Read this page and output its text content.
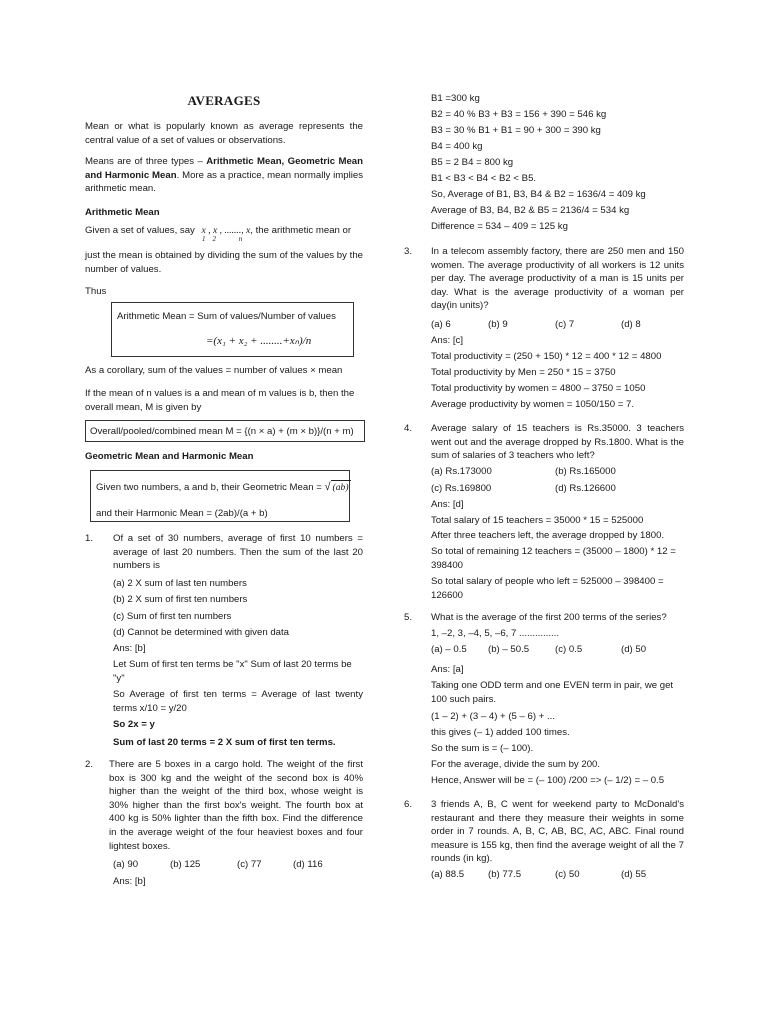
AVERAGES

Mean or what is popularly known as average represents the central value of a set of values or observations.

Means are of three types – Arithmetic Mean, Geometric Mean and Harmonic Mean. More as a practice, mean normally implies arithmetic mean.

Arithmetic Mean
Given a set of values, say x , x , ......., x, the arithmetic mean or
1    2             n

just the mean is obtained by dividing the sum of the values by the number of values.

Thus
Arithmetic Mean = Sum of values/Number of values
=(x₁ + x₂ + ........+xₙ)/n

As a corollary, sum of the values = number of values × mean

If the mean of n values is a and mean of m values is b, then the overall mean, M is given by

Overall/pooled/combined mean M = {(n × a) + (m × b)}/(n + m)
Geometric Mean and Harmonic Mean
Given two numbers, a and b, their Geometric Mean = √ (ab)
and their Harmonic Mean = (2ab)/(a + b)
1. Of a set of 30 numbers, average of first 10 numbers = average of last 20 numbers. Then the sum of the last 20 numbers is

(a) 2 X sum of last ten numbers
(b) 2 X sum of first ten numbers
(c) Sum of first ten numbers
(d) Cannot be determined with given data
Ans: [b]

Let Sum of first ten terms be "x" Sum of last 20 terms be "y"

So Average of first ten terms = Average of last twenty terms x/10 = y/20

So 2x = y
Sum of last 20 terms = 2 X sum of first ten terms.
2. There are 5 boxes in a cargo hold. The weight of the first box is 300 kg and the weight of the second box is 40% higher than the weight of the third box, whose weight is 30% higher than the first box's weight. The fourth box at 400 kg is 50% lighter than the fifth box. Find the difference in the average weight of the four heaviest boxes and four lightest boxes.

(a) 90	(b) 125	(c) 77	(d) 116
Ans: [b]
B1 =300 kg
B2 = 40 % B3 + B3 = 156 + 390 = 546 kg
B3 = 30 % B1 + B1 = 90 + 300 = 390 kg
B4 = 400 kg
B5 = 2 B4 = 800 kg
B1 < B3 < B4 < B2 < B5.
So, Average of B1, B3, B4 & B2 = 1636/4 = 409 kg
Average of B3, B4, B2 & B5 = 2136/4 = 534 kg
Difference = 534 – 409 = 125 kg
3. In a telecom assembly factory, there are 250 men and 150 women. The average productivity of all workers is 12 units per day. The average productivity of a man is 15 units per day. What is the average productivity of a woman per day(in units)?

(a) 6	(b) 9	(c) 7	(d) 8
Ans: [c]
Total productivity = (250 + 150) * 12 = 400 * 12 = 4800
Total productivity by Men = 250 * 15 = 3750
Total productivity by women = 4800 – 3750 = 1050
Average productivity by women = 1050/150 = 7.
4. Average salary of 15 teachers is Rs.35000. 3 teachers went out and the average dropped by Rs.1800. What is the sum of salaries of 3 teachers who left?

(a) Rs.173000	(b) Rs.165000
(c) Rs.169800	(d) Rs.126600
Ans: [d]
Total salary of 15 teachers = 35000 * 15 = 525000
After three teachers left, the average dropped by 1800.

So total of remaining 12 teachers = (35000 – 1800) * 12 = 398400

So total salary of people who left = 525000 – 398400 = 126600

5. What is the average of the first 200 terms of the series?
1, –2, 3, –4, 5, –6, 7 ...............
(a) – 0.5 (b) – 50.5	(c) 0.5	(d) 50
Ans: [a]

Taking one ODD term and one EVEN term in pair, we get 100 such pairs.

(1 – 2) + (3 – 4) + (5 – 6) + ...
this gives (– 1) added 100 times.
So the sum is = (– 100).
For the average, divide the sum by 200.
Hence, Answer will be = (– 100) /200 => (– 1/2) = – 0.5
6. 3 friends A, B, C went for weekend party to McDonald's restaurant and there they measure their weights in some order in 7 rounds. A, B, C, AB, BC, AC, ABC. Final round measure is 155 kg, then find the average weight of all the 7 rounds (in kg).

(a) 88.5 (b) 77.5	(c) 50	(d) 55
